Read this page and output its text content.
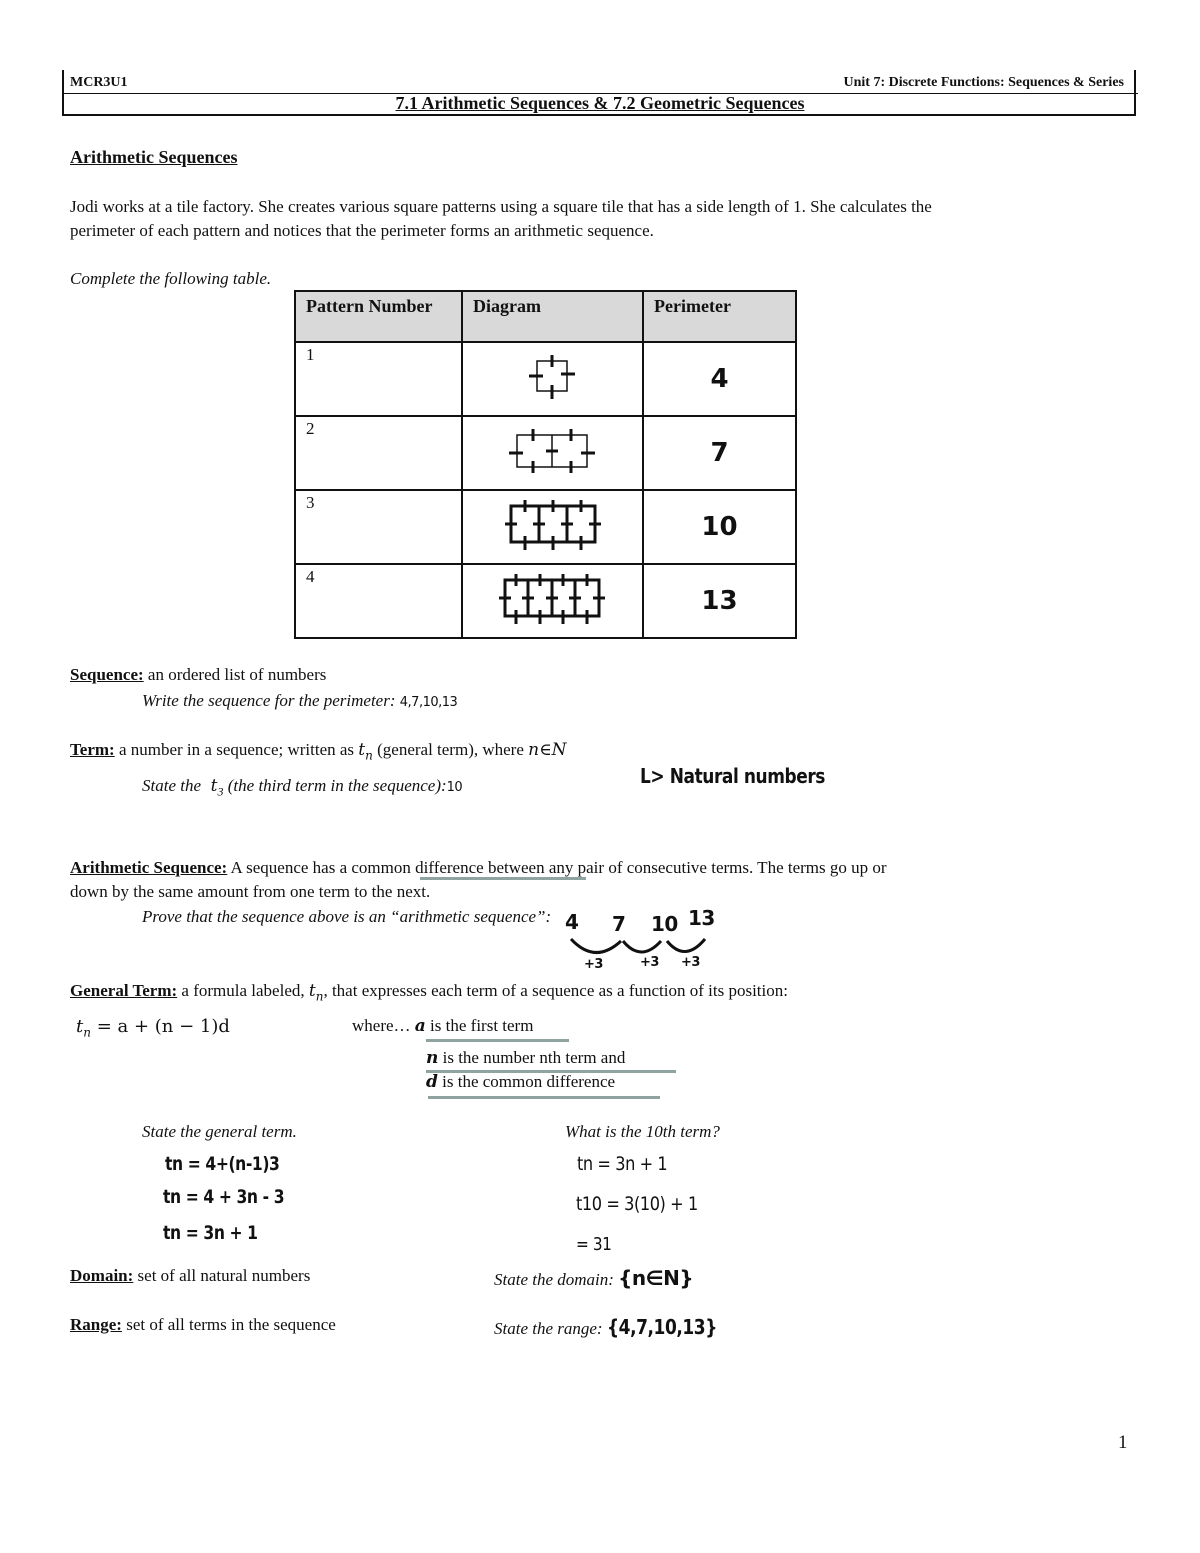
MCR3U1	Unit 7: Discrete Functions: Sequences & Series
7.1 Arithmetic Sequences & 7.2 Geometric Sequences
Arithmetic Sequences
Jodi works at a tile factory. She creates various square patterns using a square tile that has a side length of 1. She calculates the
perimeter of each pattern and notices that the perimeter forms an arithmetic sequence.
Complete the following table.
Pattern Number	Diagram	Perimeter
1		4
2		7
3		10
4		13
Sequence: an ordered list of numbers
Write the sequence for the perimeter: 4,7,10,13
Term: a number in a sequence; written as $t_n$ (general term), where n∈N
State the  $t_3$ (the third term in the sequence):10	L> Natural numbers
Arithmetic Sequence: A sequence has a common difference between any pair of consecutive terms. The terms go up or
down by the same amount from one term to the next.
Prove that the sequence above is an “arithmetic sequence”: 4 7 10 13
+3	+3 +3
General Term: a formula labeled, $t_n$, that expresses each term of a sequence as a function of its position:
$t_n = a + (n - 1)d$	where… a is the first term
n is the number nth term and
d is the common difference
State the general term.
tn = 4+(n-1)3
tn = 4 + 3n - 3
tn = 3n + 1
What is the 10th term?
tn = 3n + 1
t10 = 3(10) + 1
= 31
Domain: set of all natural numbers	State the domain: {n∈N}
Range: set of all terms in the sequence	State the range: {4,7,10,13}
1
